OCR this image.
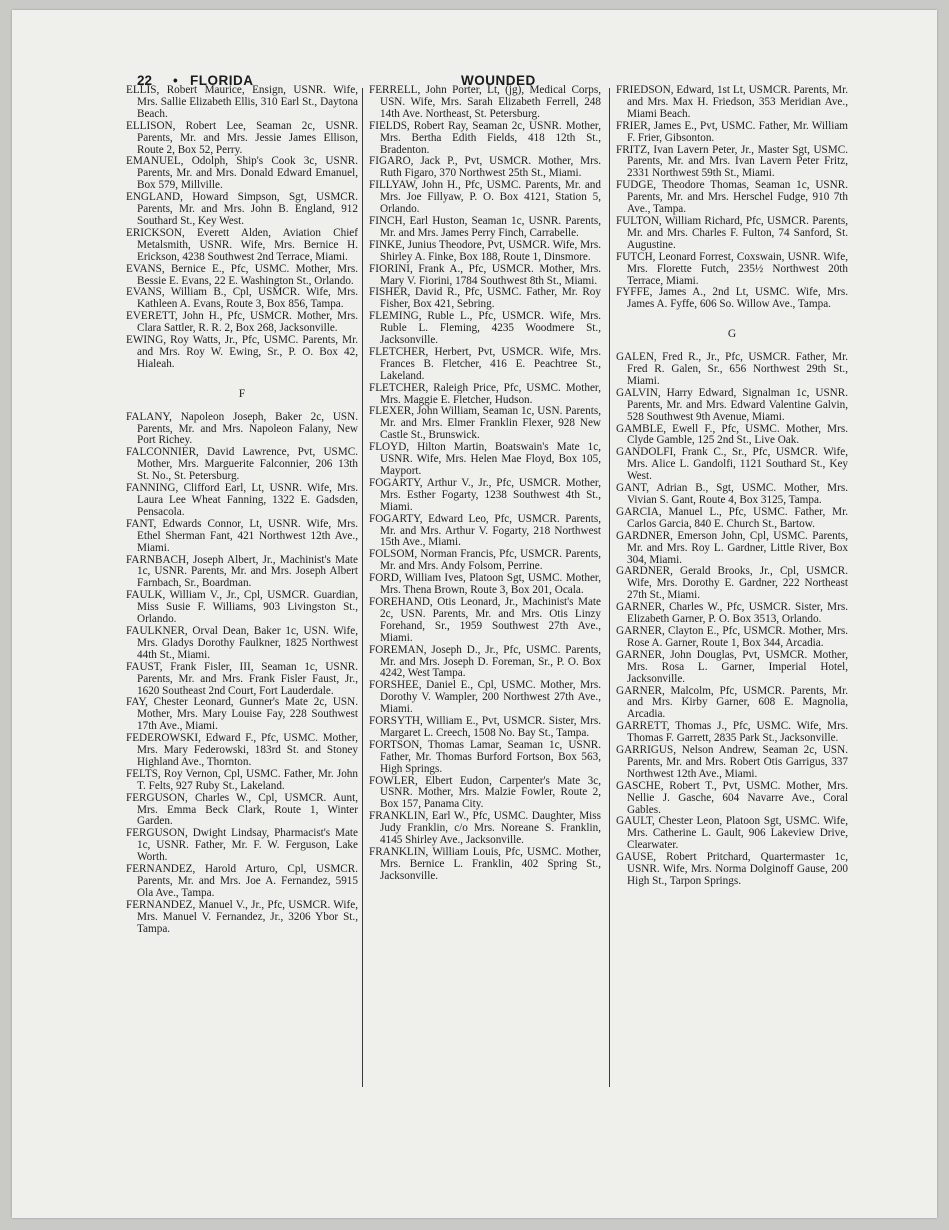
22 • FLORIDA	WOUNDED

ELLIS, Robert Maurice, Ensign, USNR. Wife, Mrs. Sallie Elizabeth Ellis, 310 Earl St., Daytona Beach.

ELLISON, Robert Lee, Seaman 2c, USNR. Parents, Mr. and Mrs. Jessie James Ellison, Route 2, Box 52, Perry.

EMANUEL, Odolph, Ship's Cook 3c, USNR. Parents, Mr. and Mrs. Donald Edward Emanuel, Box 579, Millville.

ENGLAND, Howard Simpson, Sgt, USMCR. Parents, Mr. and Mrs. John B. England, 912 Southard St., Key West.

ERICKSON, Everett Alden, Aviation Chief Metalsmith, USNR. Wife, Mrs. Bernice H. Erickson, 4238 Southwest 2nd Terrace, Miami.

EVANS, Bernice E., Pfc, USMC. Mother, Mrs. Bessie E. Evans, 22 E. Washington St., Orlando.

EVANS, William B., Cpl, USMCR. Wife, Mrs. Kathleen A. Evans, Route 3, Box 856, Tampa.

EVERETT, John H., Pfc, USMCR. Mother, Mrs. Clara Sattler, R. R. 2, Box 268, Jacksonville.

EWING, Roy Watts, Jr., Pfc, USMC. Parents, Mr. and Mrs. Roy W. Ewing, Sr., P. O. Box 42, Hialeah.

F

FALANY, Napoleon Joseph, Baker 2c, USN. Parents, Mr. and Mrs. Napoleon Falany, New Port Richey.

FALCONNIER, David Lawrence, Pvt, USMC. Mother, Mrs. Marguerite Falconnier, 206 13th St. No., St. Petersburg.

FANNING, Clifford Earl, Lt, USNR. Wife, Mrs. Laura Lee Wheat Fanning, 1322 E. Gadsden, Pensacola.

FANT, Edwards Connor, Lt, USNR. Wife, Mrs. Ethel Sherman Fant, 421 Northwest 12th Ave., Miami.

FARNBACH, Joseph Albert, Jr., Machinist's Mate 1c, USNR. Parents, Mr. and Mrs. Joseph Albert Farnbach, Sr., Boardman.

FAULK, William V., Jr., Cpl, USMCR. Guardian, Miss Susie F. Williams, 903 Livingston St., Orlando.

FAULKNER, Orval Dean, Baker 1c, USN. Wife, Mrs. Gladys Dorothy Faulkner, 1825 Northwest 44th St., Miami.

FAUST, Frank Fisler, III, Seaman 1c, USNR. Parents, Mr. and Mrs. Frank Fisler Faust, Jr., 1620 Southeast 2nd Court, Fort Lauderdale.

FAY, Chester Leonard, Gunner's Mate 2c, USN. Mother, Mrs. Mary Louise Fay, 228 Southwest 17th Ave., Miami.

FEDEROWSKI, Edward F., Pfc, USMC. Mother, Mrs. Mary Federowski, 183rd St. and Stoney Highland Ave., Thornton.

FELTS, Roy Vernon, Cpl, USMC. Father, Mr. John T. Felts, 927 Ruby St., Lakeland.

FERGUSON, Charles W., Cpl, USMCR. Aunt, Mrs. Emma Beck Clark, Route 1, Winter Garden.

FERGUSON, Dwight Lindsay, Pharmacist's Mate 1c, USNR. Father, Mr. F. W. Ferguson, Lake Worth.

FERNANDEZ, Harold Arturo, Cpl, USMCR. Parents, Mr. and Mrs. Joe A. Fernandez, 5915 Ola Ave., Tampa.

FERNANDEZ, Manuel V., Jr., Pfc, USMCR. Wife, Mrs. Manuel V. Fernandez, Jr., 3206 Ybor St., Tampa.

FERRELL, John Porter, Lt, (jg), Medical Corps, USN. Wife, Mrs. Sarah Elizabeth Ferrell, 248 14th Ave. Northeast, St. Petersburg.

FIELDS, Robert Ray, Seaman 2c, USNR. Mother, Mrs. Bertha Edith Fields, 418 12th St., Bradenton.

FIGARO, Jack P., Pvt, USMCR. Mother, Mrs. Ruth Figaro, 370 Northwest 25th St., Miami.

FILLYAW, John H., Pfc, USMC. Parents, Mr. and Mrs. Joe Fillyaw, P. O. Box 4121, Station 5, Orlando.

FINCH, Earl Huston, Seaman 1c, USNR. Parents, Mr. and Mrs. James Perry Finch, Carrabelle.

FINKE, Junius Theodore, Pvt, USMCR. Wife, Mrs. Shirley A. Finke, Box 188, Route 1, Dinsmore.

FIORINI, Frank A., Pfc, USMCR. Mother, Mrs. Mary V. Fiorini, 1784 Southwest 8th St., Miami.

FISHER, David R., Pfc, USMC. Father, Mr. Roy Fisher, Box 421, Sebring.

FLEMING, Ruble L., Pfc, USMCR. Wife, Mrs. Ruble L. Fleming, 4235 Woodmere St., Jacksonville.

FLETCHER, Herbert, Pvt, USMCR. Wife, Mrs. Frances B. Fletcher, 416 E. Peachtree St., Lakeland.

FLETCHER, Raleigh Price, Pfc, USMC. Mother, Mrs. Maggie E. Fletcher, Hudson.

FLEXER, John William, Seaman 1c, USN. Parents, Mr. and Mrs. Elmer Franklin Flexer, 928 New Castle St., Brunswick.

FLOYD, Hilton Martin, Boatswain's Mate 1c, USNR. Wife, Mrs. Helen Mae Floyd, Box 105, Mayport.

FOGARTY, Arthur V., Jr., Pfc, USMCR. Mother, Mrs. Esther Fogarty, 1238 Southwest 4th St., Miami.

FOGARTY, Edward Leo, Pfc, USMCR. Parents, Mr. and Mrs. Arthur V. Fogarty, 218 Northwest 15th Ave., Miami.

FOLSOM, Norman Francis, Pfc, USMCR. Parents, Mr. and Mrs. Andy Folsom, Perrine.

FORD, William Ives, Platoon Sgt, USMC. Mother, Mrs. Thena Brown, Route 3, Box 201, Ocala.

FOREHAND, Otis Leonard, Jr., Machinist's Mate 2c, USN. Parents, Mr. and Mrs. Otis Linzy Forehand, Sr., 1959 Southwest 27th Ave., Miami.

FOREMAN, Joseph D., Jr., Pfc, USMC. Parents, Mr. and Mrs. Joseph D. Foreman, Sr., P. O. Box 4242, West Tampa.

FORSHEE, Daniel E., Cpl, USMC. Mother, Mrs. Dorothy V. Wampler, 200 Northwest 27th Ave., Miami.

FORSYTH, William E., Pvt, USMCR. Sister, Mrs. Margaret L. Creech, 1508 No. Bay St., Tampa.

FORTSON, Thomas Lamar, Seaman 1c, USNR. Father, Mr. Thomas Burford Fortson, Box 563, High Springs.

FOWLER, Elbert Eudon, Carpenter's Mate 3c, USNR. Mother, Mrs. Malzie Fowler, Route 2, Box 157, Panama City.

FRANKLIN, Earl W., Pfc, USMC. Daughter, Miss Judy Franklin, c/o Mrs. Noreane S. Franklin, 4145 Shirley Ave., Jacksonville.

FRANKLIN, William Louis, Pfc, USMC. Mother, Mrs. Bernice L. Franklin, 402 Spring St., Jacksonville.

FRIEDSON, Edward, 1st Lt, USMCR. Parents, Mr. and Mrs. Max H. Friedson, 353 Meridian Ave., Miami Beach.

FRIER, James E., Pvt, USMC. Father, Mr. William F. Frier, Gibsonton.

FRITZ, Ivan Lavern Peter, Jr., Master Sgt, USMC. Parents, Mr. and Mrs. Ivan Lavern Peter Fritz, 2331 Northwest 59th St., Miami.

FUDGE, Theodore Thomas, Seaman 1c, USNR. Parents, Mr. and Mrs. Herschel Fudge, 910 7th Ave., Tampa.

FULTON, William Richard, Pfc, USMCR. Parents, Mr. and Mrs. Charles F. Fulton, 74 Sanford, St. Augustine.

FUTCH, Leonard Forrest, Coxswain, USNR. Wife, Mrs. Florette Futch, 235½ Northwest 20th Terrace, Miami.

FYFFE, James A., 2nd Lt, USMC. Wife, Mrs. James A. Fyffe, 606 So. Willow Ave., Tampa.

G

GALEN, Fred R., Jr., Pfc, USMCR. Father, Mr. Fred R. Galen, Sr., 656 Northwest 29th St., Miami.

GALVIN, Harry Edward, Signalman 1c, USNR. Parents, Mr. and Mrs. Edward Valentine Galvin, 528 Southwest 9th Avenue, Miami.

GAMBLE, Ewell F., Pfc, USMC. Mother, Mrs. Clyde Gamble, 125 2nd St., Live Oak.

GANDOLFI, Frank C., Sr., Pfc, USMCR. Wife, Mrs. Alice L. Gandolfi, 1121 Southard St., Key West.

GANT, Adrian B., Sgt, USMC. Mother, Mrs. Vivian S. Gant, Route 4, Box 3125, Tampa.

GARCIA, Manuel L., Pfc, USMC. Father, Mr. Carlos Garcia, 840 E. Church St., Bartow.

GARDNER, Emerson John, Cpl, USMC. Parents, Mr. and Mrs. Roy L. Gardner, Little River, Box 304, Miami.

GARDNER, Gerald Brooks, Jr., Cpl, USMCR. Wife, Mrs. Dorothy E. Gardner, 222 Northeast 27th St., Miami.

GARNER, Charles W., Pfc, USMCR. Sister, Mrs. Elizabeth Garner, P. O. Box 3513, Orlando.

GARNER, Clayton E., Pfc, USMCR. Mother, Mrs. Rose A. Garner, Route 1, Box 344, Arcadia.

GARNER, John Douglas, Pvt, USMCR. Mother, Mrs. Rosa L. Garner, Imperial Hotel, Jacksonville.

GARNER, Malcolm, Pfc, USMCR. Parents, Mr. and Mrs. Kirby Garner, 608 E. Magnolia, Arcadia.

GARRETT, Thomas J., Pfc, USMC. Wife, Mrs. Thomas F. Garrett, 2835 Park St., Jacksonville.

GARRIGUS, Nelson Andrew, Seaman 2c, USN. Parents, Mr. and Mrs. Robert Otis Garrigus, 337 Northwest 12th Ave., Miami.

GASCHE, Robert T., Pvt, USMC. Mother, Mrs. Nellie J. Gasche, 604 Navarre Ave., Coral Gables.

GAULT, Chester Leon, Platoon Sgt, USMC. Wife, Mrs. Catherine L. Gault, 906 Lakeview Drive, Clearwater.

GAUSE, Robert Pritchard, Quartermaster 1c, USNR. Wife, Mrs. Norma Dolginoff Gause, 200 High St., Tarpon Springs.
